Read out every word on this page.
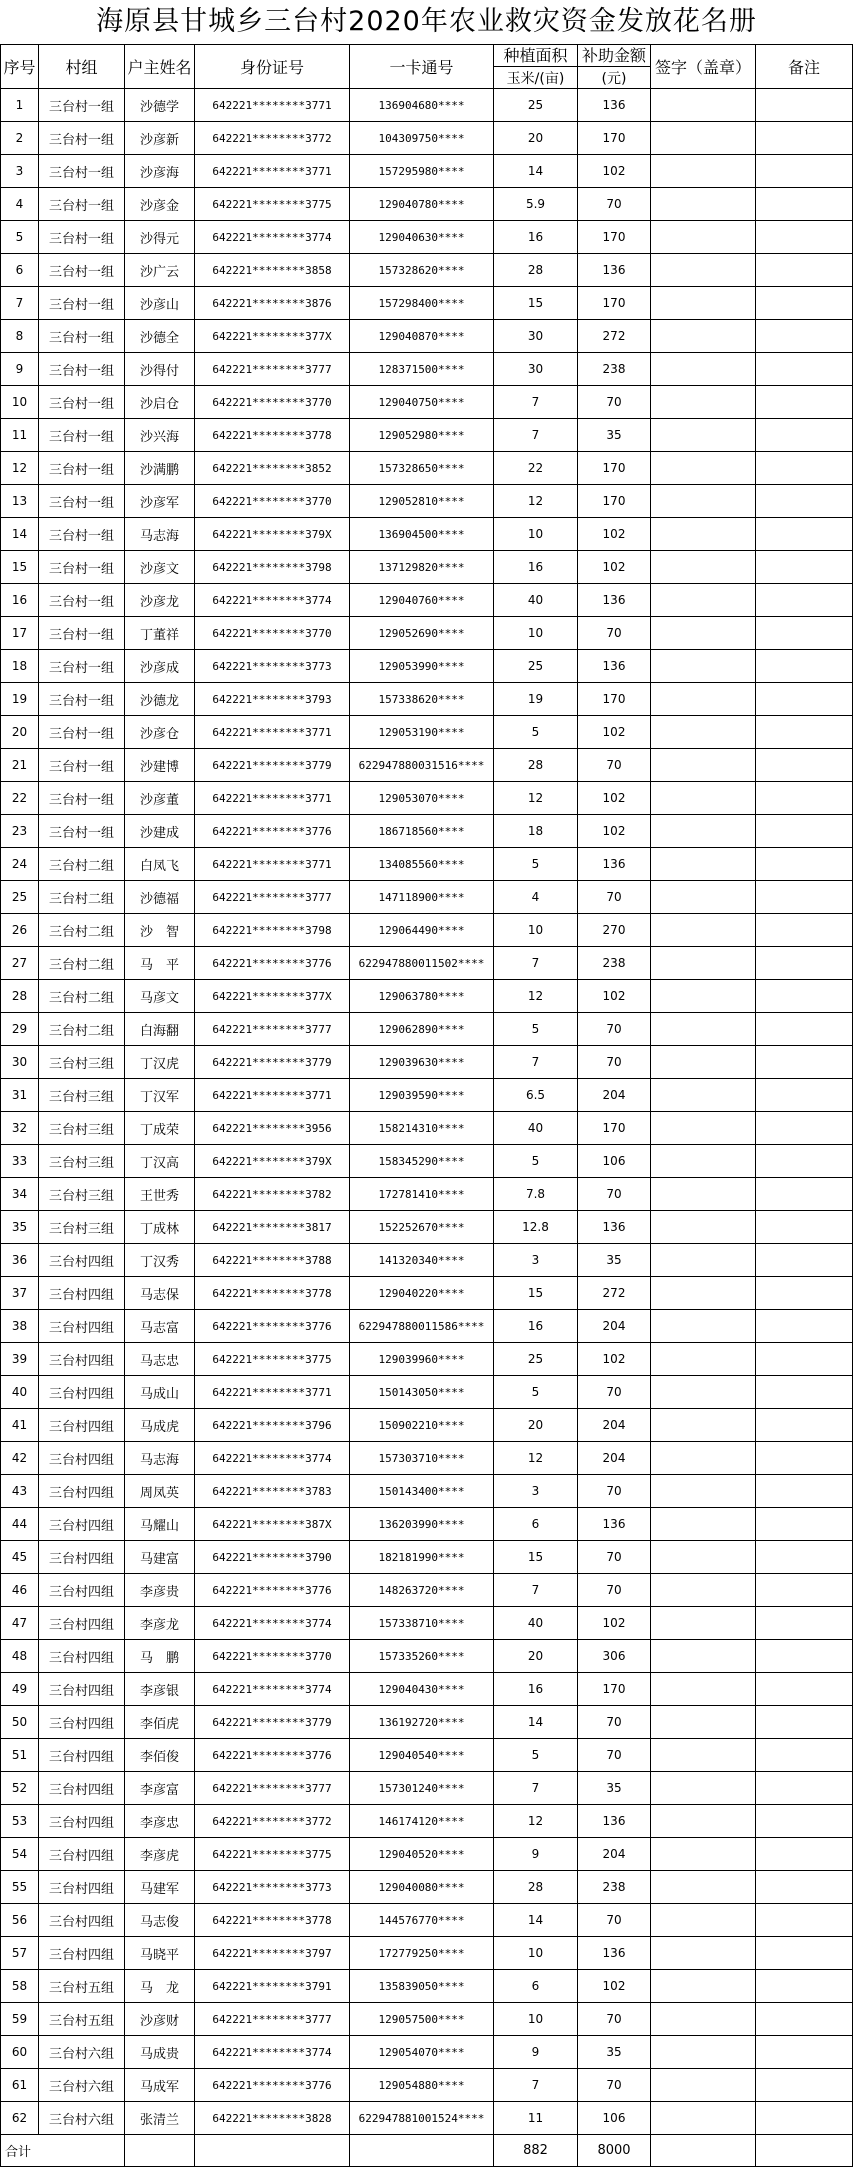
海原县甘城乡三台村2020年农业救灾资金发放花名册
序号	村组	户主姓名	身份证号	一卡通号	种植面积	补助金额	签字（盖章）	备注
					玉米/(亩)	(元)		
1	三台村一组	沙德学	642221********3771	136904680****	25	136		
2	三台村一组	沙彦新	642221********3772	104309750****	20	170		
3	三台村一组	沙彦海	642221********3771	157295980****	14	102		
4	三台村一组	沙彦金	642221********3775	129040780****	5.9	70		
5	三台村一组	沙得元	642221********3774	129040630****	16	170		
6	三台村一组	沙广云	642221********3858	157328620****	28	136		
7	三台村一组	沙彦山	642221********3876	157298400****	15	170		
8	三台村一组	沙德全	642221********377X	129040870****	30	272		
9	三台村一组	沙得付	642221********3777	128371500****	30	238		
10	三台村一组	沙启仓	642221********3770	129040750****	7	70		
11	三台村一组	沙兴海	642221********3778	129052980****	7	35		
12	三台村一组	沙满鹏	642221********3852	157328650****	22	170		
13	三台村一组	沙彦军	642221********3770	129052810****	12	170		
14	三台村一组	马志海	642221********379X	136904500****	10	102		
15	三台村一组	沙彦文	642221********3798	137129820****	16	102		
16	三台村一组	沙彦龙	642221********3774	129040760****	40	136		
17	三台村一组	丁董祥	642221********3770	129052690****	10	70		
18	三台村一组	沙彦成	642221********3773	129053990****	25	136		
19	三台村一组	沙德龙	642221********3793	157338620****	19	170		
20	三台村一组	沙彦仓	642221********3771	129053190****	5	102		
21	三台村一组	沙建博	642221********3779	622947880031516****	28	70		
22	三台村一组	沙彦董	642221********3771	129053070****	12	102		
23	三台村一组	沙建成	642221********3776	186718560****	18	102		
24	三台村二组	白凤飞	642221********3771	134085560****	5	136		
25	三台村二组	沙德福	642221********3777	147118900****	4	70		
26	三台村二组	沙　智	642221********3798	129064490****	10	270		
27	三台村二组	马　平	642221********3776	622947880011502****	7	238		
28	三台村二组	马彦文	642221********377X	129063780****	12	102		
29	三台村二组	白海翻	642221********3777	129062890****	5	70		
30	三台村三组	丁汉虎	642221********3779	129039630****	7	70		
31	三台村三组	丁汉军	642221********3771	129039590****	6.5	204		
32	三台村三组	丁成荣	642221********3956	158214310****	40	170		
33	三台村三组	丁汉高	642221********379X	158345290****	5	106		
34	三台村三组	王世秀	642221********3782	172781410****	7.8	70		
35	三台村三组	丁成林	642221********3817	152252670****	12.8	136		
36	三台村四组	丁汉秀	642221********3788	141320340****	3	35		
37	三台村四组	马志保	642221********3778	129040220****	15	272		
38	三台村四组	马志富	642221********3776	622947880011586****	16	204		
39	三台村四组	马志忠	642221********3775	129039960****	25	102		
40	三台村四组	马成山	642221********3771	150143050****	5	70		
41	三台村四组	马成虎	642221********3796	150902210****	20	204		
42	三台村四组	马志海	642221********3774	157303710****	12	204		
43	三台村四组	周凤英	642221********3783	150143400****	3	70		
44	三台村四组	马耀山	642221********387X	136203990****	6	136		
45	三台村四组	马建富	642221********3790	182181990****	15	70		
46	三台村四组	李彦贵	642221********3776	148263720****	7	70		
47	三台村四组	李彦龙	642221********3774	157338710****	40	102		
48	三台村四组	马　鹏	642221********3770	157335260****	20	306		
49	三台村四组	李彦银	642221********3774	129040430****	16	170		
50	三台村四组	李佰虎	642221********3779	136192720****	14	70		
51	三台村四组	李佰俊	642221********3776	129040540****	5	70		
52	三台村四组	李彦富	642221********3777	157301240****	7	35		
53	三台村四组	李彦忠	642221********3772	146174120****	12	136		
54	三台村四组	李彦虎	642221********3775	129040520****	9	204		
55	三台村四组	马建军	642221********3773	129040080****	28	238		
56	三台村四组	马志俊	642221********3778	144576770****	14	70		
57	三台村四组	马晓平	642221********3797	172779250****	10	136		
58	三台村五组	马　龙	642221********3791	135839050****	6	102		
59	三台村五组	沙彦财	642221********3777	129057500****	10	70		
60	三台村六组	马成贵	642221********3774	129054070****	9	35		
61	三台村六组	马成军	642221********3776	129054880****	7	70		
62	三台村六组	张清兰	642221********3828	622947881001524****	11	106		
合计					882	8000		
